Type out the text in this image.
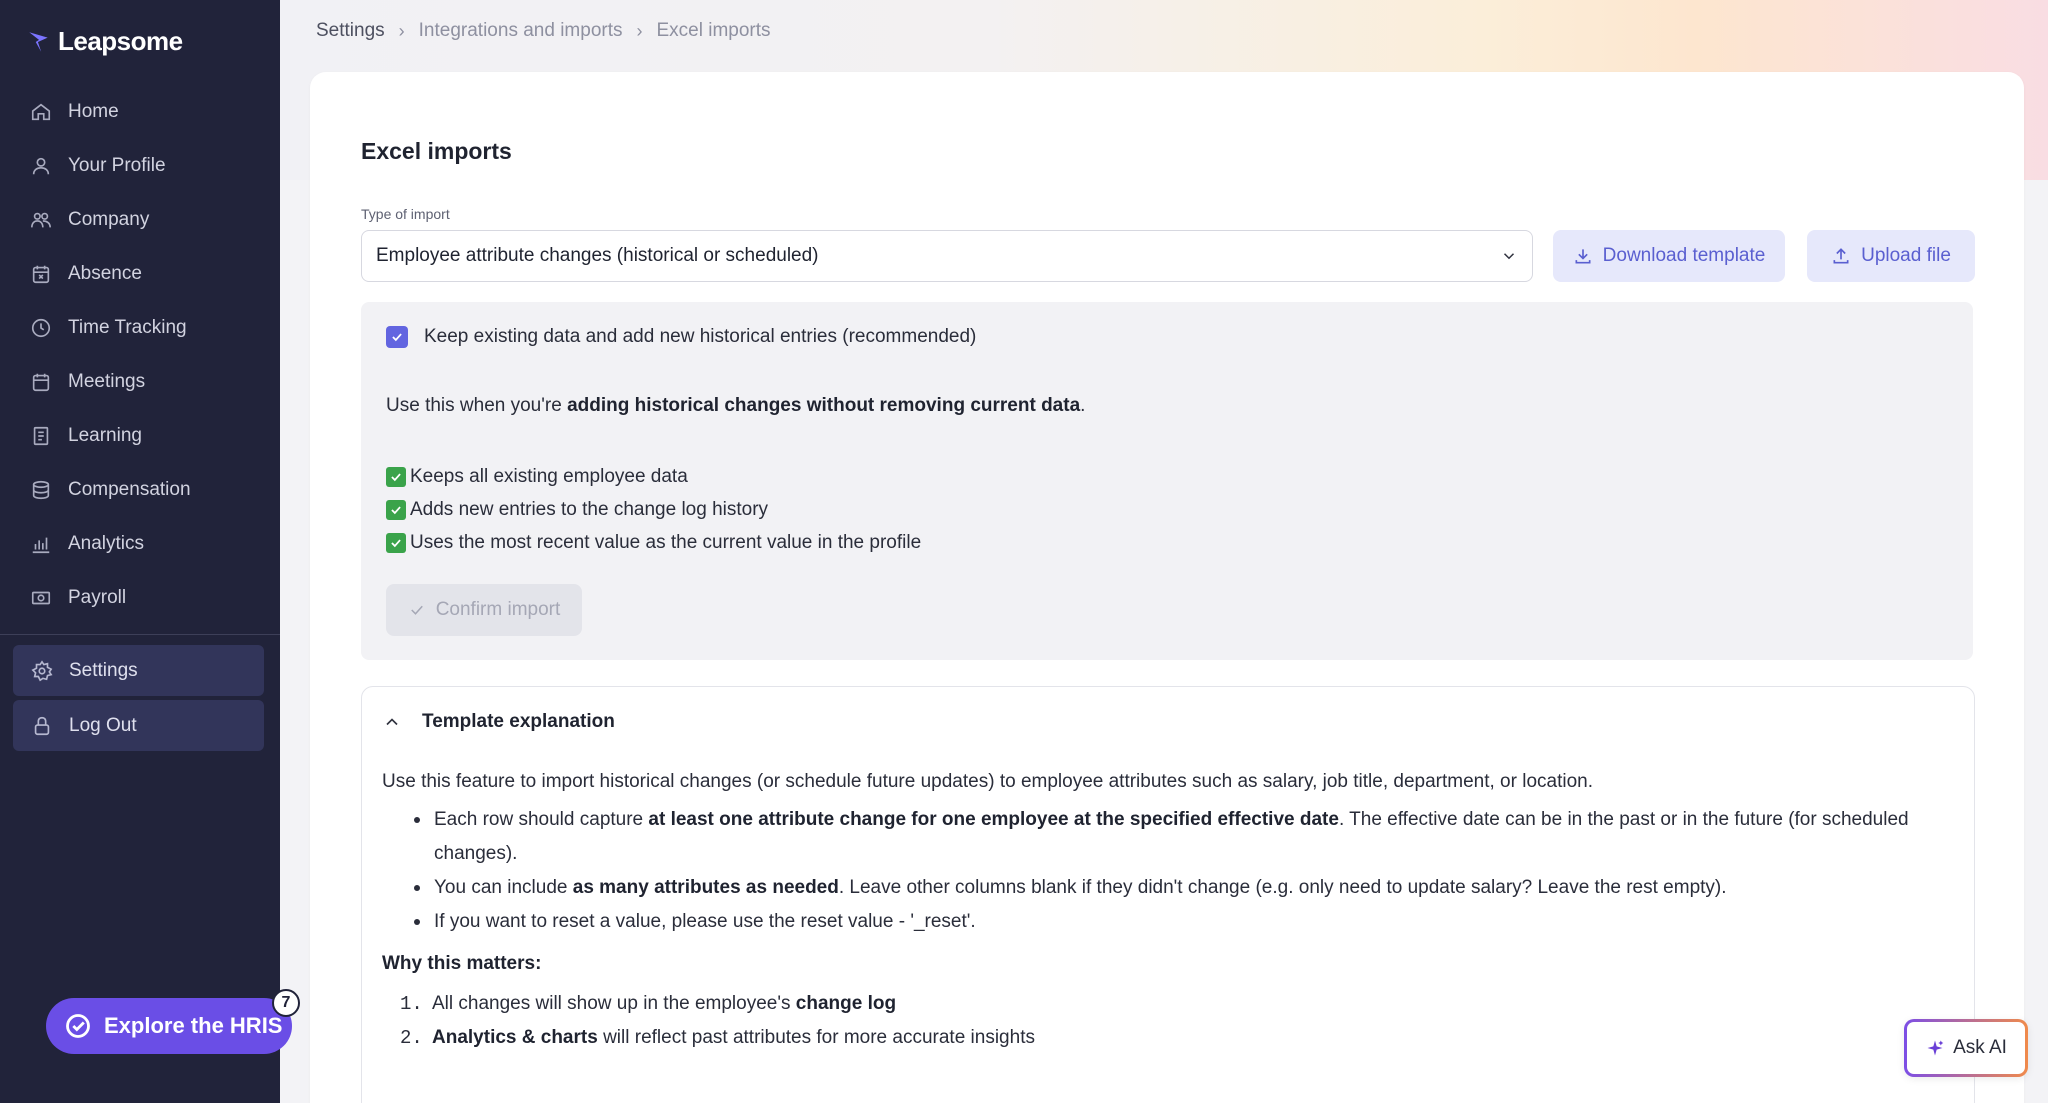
Leapsome
Home
Your Profile
Company
Absence
Time Tracking
Meetings
Learning
Compensation
Analytics
Payroll
Settings
Log Out
Explore the HRIS
7
Settings › Integrations and imports › Excel imports
Excel imports
Type of import
Employee attribute changes (historical or scheduled)	Download template	Upload file
Keep existing data and add new historical entries (recommended)
Use this when you're adding historical changes without removing current data.
Keeps all existing employee data
Adds new entries to the change log history
Uses the most recent value as the current value in the profile
Confirm import
Template explanation
Use this feature to import historical changes (or schedule future updates) to employee attributes such as salary, job title, department, or location.
Each row should capture at least one attribute change for one employee at the specified effective date. The effective date can be in the past or in the future (for scheduled changes).
You can include as many attributes as needed. Leave other columns blank if they didn't change (e.g. only need to update salary? Leave the rest empty).
If you want to reset a value, please use the reset value - '_reset'.
Why this matters:
1. All changes will show up in the employee's change log
2. Analytics & charts will reflect past attributes for more accurate insights	Ask AI
